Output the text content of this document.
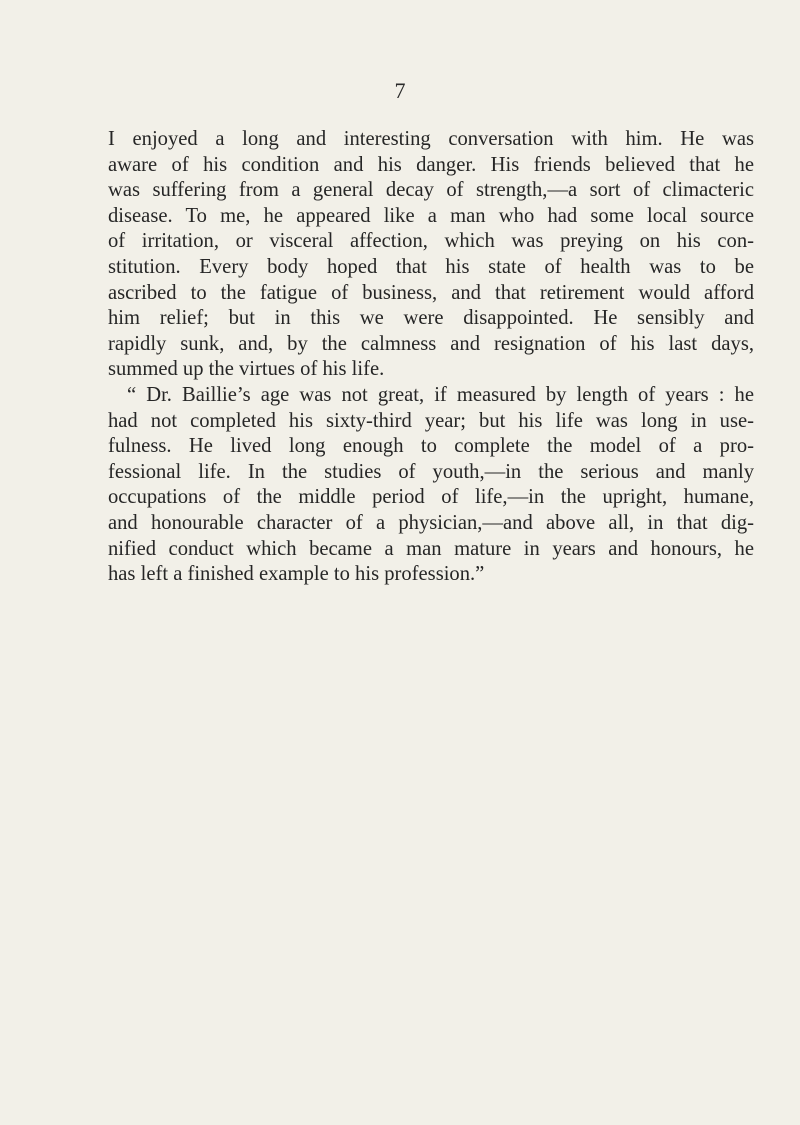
7
I enjoyed a long and interesting conversation with him. He was
aware of his condition and his danger. His friends believed that he
was suffering from a general decay of strength,—a sort of climacteric
disease. To me, he appeared like a man who had some local source
of irritation, or visceral affection, which was preying on his con-
stitution. Every body hoped that his state of health was to be
ascribed to the fatigue of business, and that retirement would afford
him relief; but in this we were disappointed. He sensibly and
rapidly sunk, and, by the calmness and resignation of his last days,
summed up the virtues of his life.
“ Dr. Baillie’s age was not great, if measured by length of years : he
had not completed his sixty-third year; but his life was long in use-
fulness. He lived long enough to complete the model of a pro-
fessional life. In the studies of youth,—in the serious and manly
occupations of the middle period of life,—in the upright, humane,
and honourable character of a physician,—and above all, in that dig-
nified conduct which became a man mature in years and honours, he
has left a finished example to his profession.”
